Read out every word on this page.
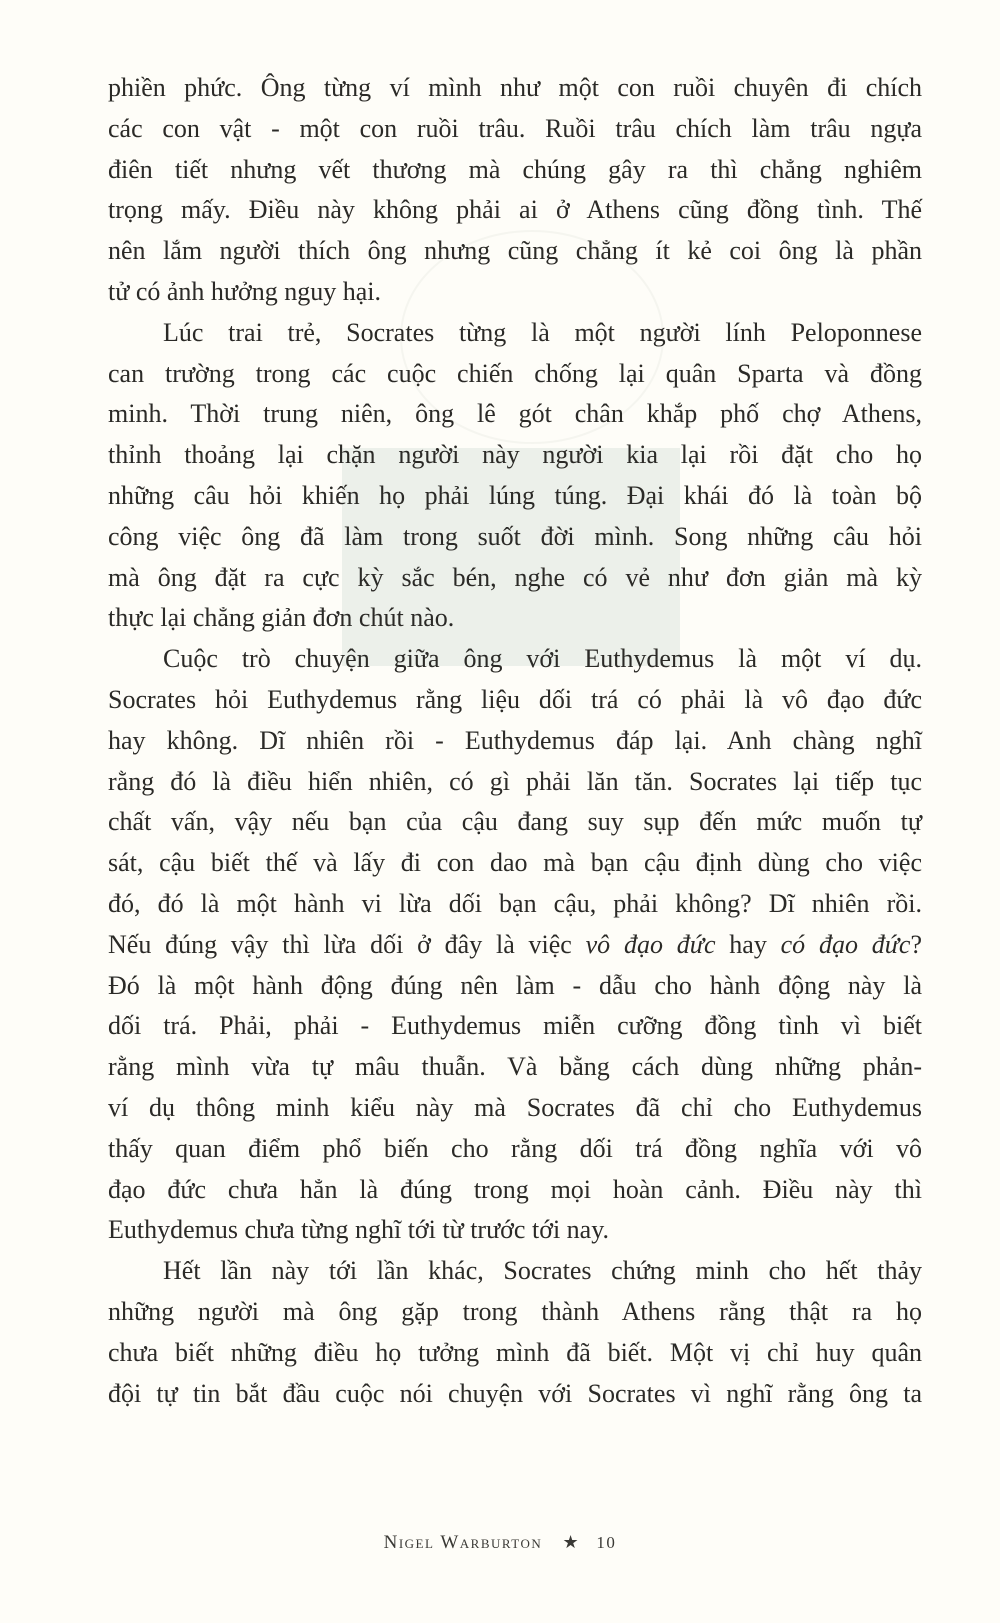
phiền phức. Ông từng ví mình như một con ruồi chuyên đi chích
các con vật - một con ruồi trâu. Ruồi trâu chích làm trâu ngựa
điên tiết nhưng vết thương mà chúng gây ra thì chẳng nghiêm
trọng mấy. Điều này không phải ai ở Athens cũng đồng tình. Thế
nên lắm người thích ông nhưng cũng chẳng ít kẻ coi ông là phần
tử có ảnh hưởng nguy hại.
Lúc trai trẻ, Socrates từng là một người lính Peloponnese
can trường trong các cuộc chiến chống lại quân Sparta và đồng
minh. Thời trung niên, ông lê gót chân khắp phố chợ Athens,
thỉnh thoảng lại chặn người này người kia lại rồi đặt cho họ
những câu hỏi khiến họ phải lúng túng. Đại khái đó là toàn bộ
công việc ông đã làm trong suốt đời mình. Song những câu hỏi
mà ông đặt ra cực kỳ sắc bén, nghe có vẻ như đơn giản mà kỳ
thực lại chẳng giản đơn chút nào.
Cuộc trò chuyện giữa ông với Euthydemus là một ví dụ.
Socrates hỏi Euthydemus rằng liệu dối trá có phải là vô đạo đức
hay không. Dĩ nhiên rồi - Euthydemus đáp lại. Anh chàng nghĩ
rằng đó là điều hiển nhiên, có gì phải lăn tăn. Socrates lại tiếp tục
chất vấn, vậy nếu bạn của cậu đang suy sụp đến mức muốn tự
sát, cậu biết thế và lấy đi con dao mà bạn cậu định dùng cho việc
đó, đó là một hành vi lừa dối bạn cậu, phải không? Dĩ nhiên rồi.
Nếu đúng vậy thì lừa dối ở đây là việc vô đạo đức hay có đạo đức?
Đó là một hành động đúng nên làm - dẫu cho hành động này là
dối trá. Phải, phải - Euthydemus miễn cưỡng đồng tình vì biết
rằng mình vừa tự mâu thuẫn. Và bằng cách dùng những phản-
ví dụ thông minh kiểu này mà Socrates đã chỉ cho Euthydemus
thấy quan điểm phổ biến cho rằng dối trá đồng nghĩa với vô
đạo đức chưa hẳn là đúng trong mọi hoàn cảnh. Điều này thì
Euthydemus chưa từng nghĩ tới từ trước tới nay.
Hết lần này tới lần khác, Socrates chứng minh cho hết thảy
những người mà ông gặp trong thành Athens rằng thật ra họ
chưa biết những điều họ tưởng mình đã biết. Một vị chỉ huy quân
đội tự tin bắt đầu cuộc nói chuyện với Socrates vì nghĩ rằng ông ta
Nigel Warburton ★ 10
